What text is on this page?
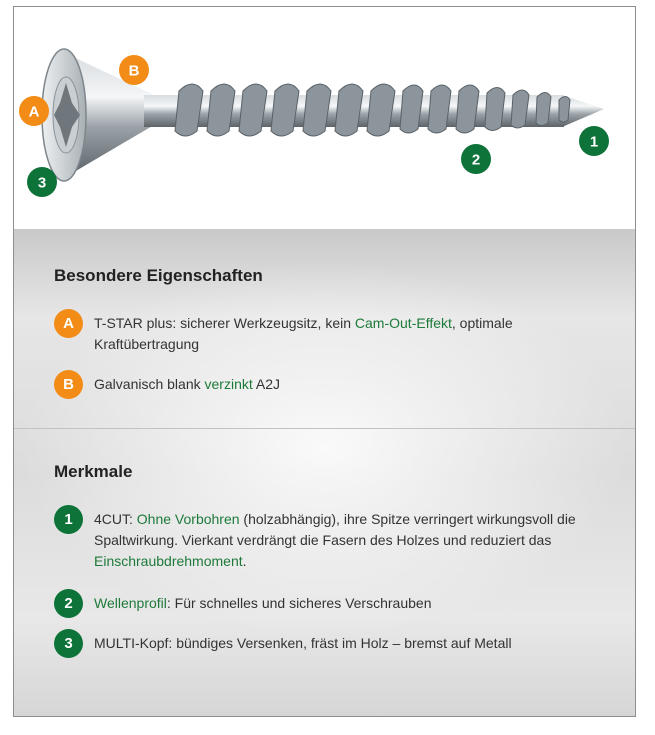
A
B
1
2
3
Besondere Eigenschaften
A	T-STAR plus: sicherer Werkzeugsitz, kein Cam-Out-Effekt, optimale Kraftübertragung
B	Galvanisch blank verzinkt A2J
Merkmale
1	4CUT: Ohne Vorbohren (holzabhängig), ihre Spitze verringert wirkungsvoll die Spaltwirkung. Vierkant verdrängt die Fasern des Holzes und reduziert das Einschraubdrehmoment.
2	Wellenprofil: Für schnelles und sicheres Verschrauben
3	MULTI-Kopf: bündiges Versenken, fräst im Holz – bremst auf Metall
